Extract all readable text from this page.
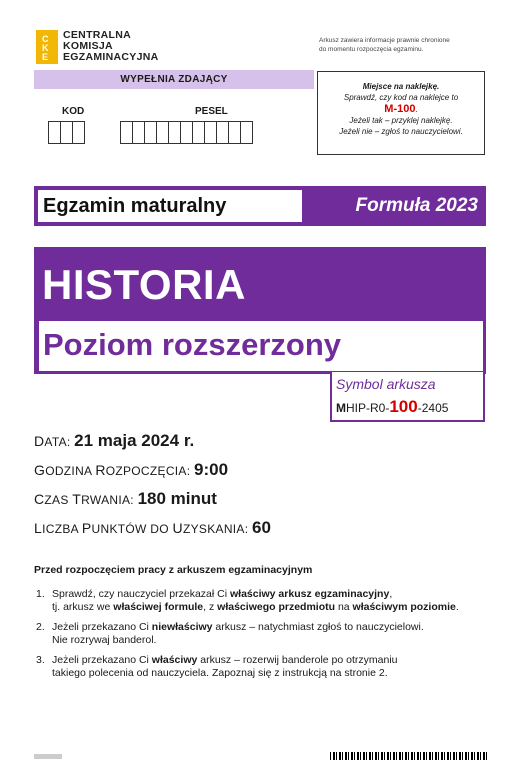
C
K
E
CENTRALNA
KOMISJA
EGZAMINACYJNA
Arkusz zawiera informacje prawnie chronione
do momentu rozpoczęcia egzaminu.
WYPEŁNIA ZDAJĄCY
KOD	PESEL
Miejsce na naklejkę.
Sprawdź, czy kod na naklejce to
M-100.
Jeżeli tak – przyklej naklejkę.
Jeżeli nie – zgłoś to nauczycielowi.
Egzamin maturalny	Formuła 2023
HISTORIA
Poziom rozszerzony
Symbol arkusza
MHIP-R0-100-2405
DATA: 21 maja 2024 r.
GODZINA ROZPOCZĘCIA: 9:00
CZAS TRWANIA: 180 minut
LICZBA PUNKTÓW DO UZYSKANIA: 60
Przed rozpoczęciem pracy z arkuszem egzaminacyjnym
1. Sprawdź, czy nauczyciel przekazał Ci właściwy arkusz egzaminacyjny,
tj. arkusz we właściwej formule, z właściwego przedmiotu na właściwym poziomie.
2. Jeżeli przekazano Ci niewłaściwy arkusz – natychmiast zgłoś to nauczycielowi.
Nie rozrywaj banderol.
3. Jeżeli przekazano Ci właściwy arkusz – rozerwij banderole po otrzymaniu
takiego polecenia od nauczyciela. Zapoznaj się z instrukcją na stronie 2.
